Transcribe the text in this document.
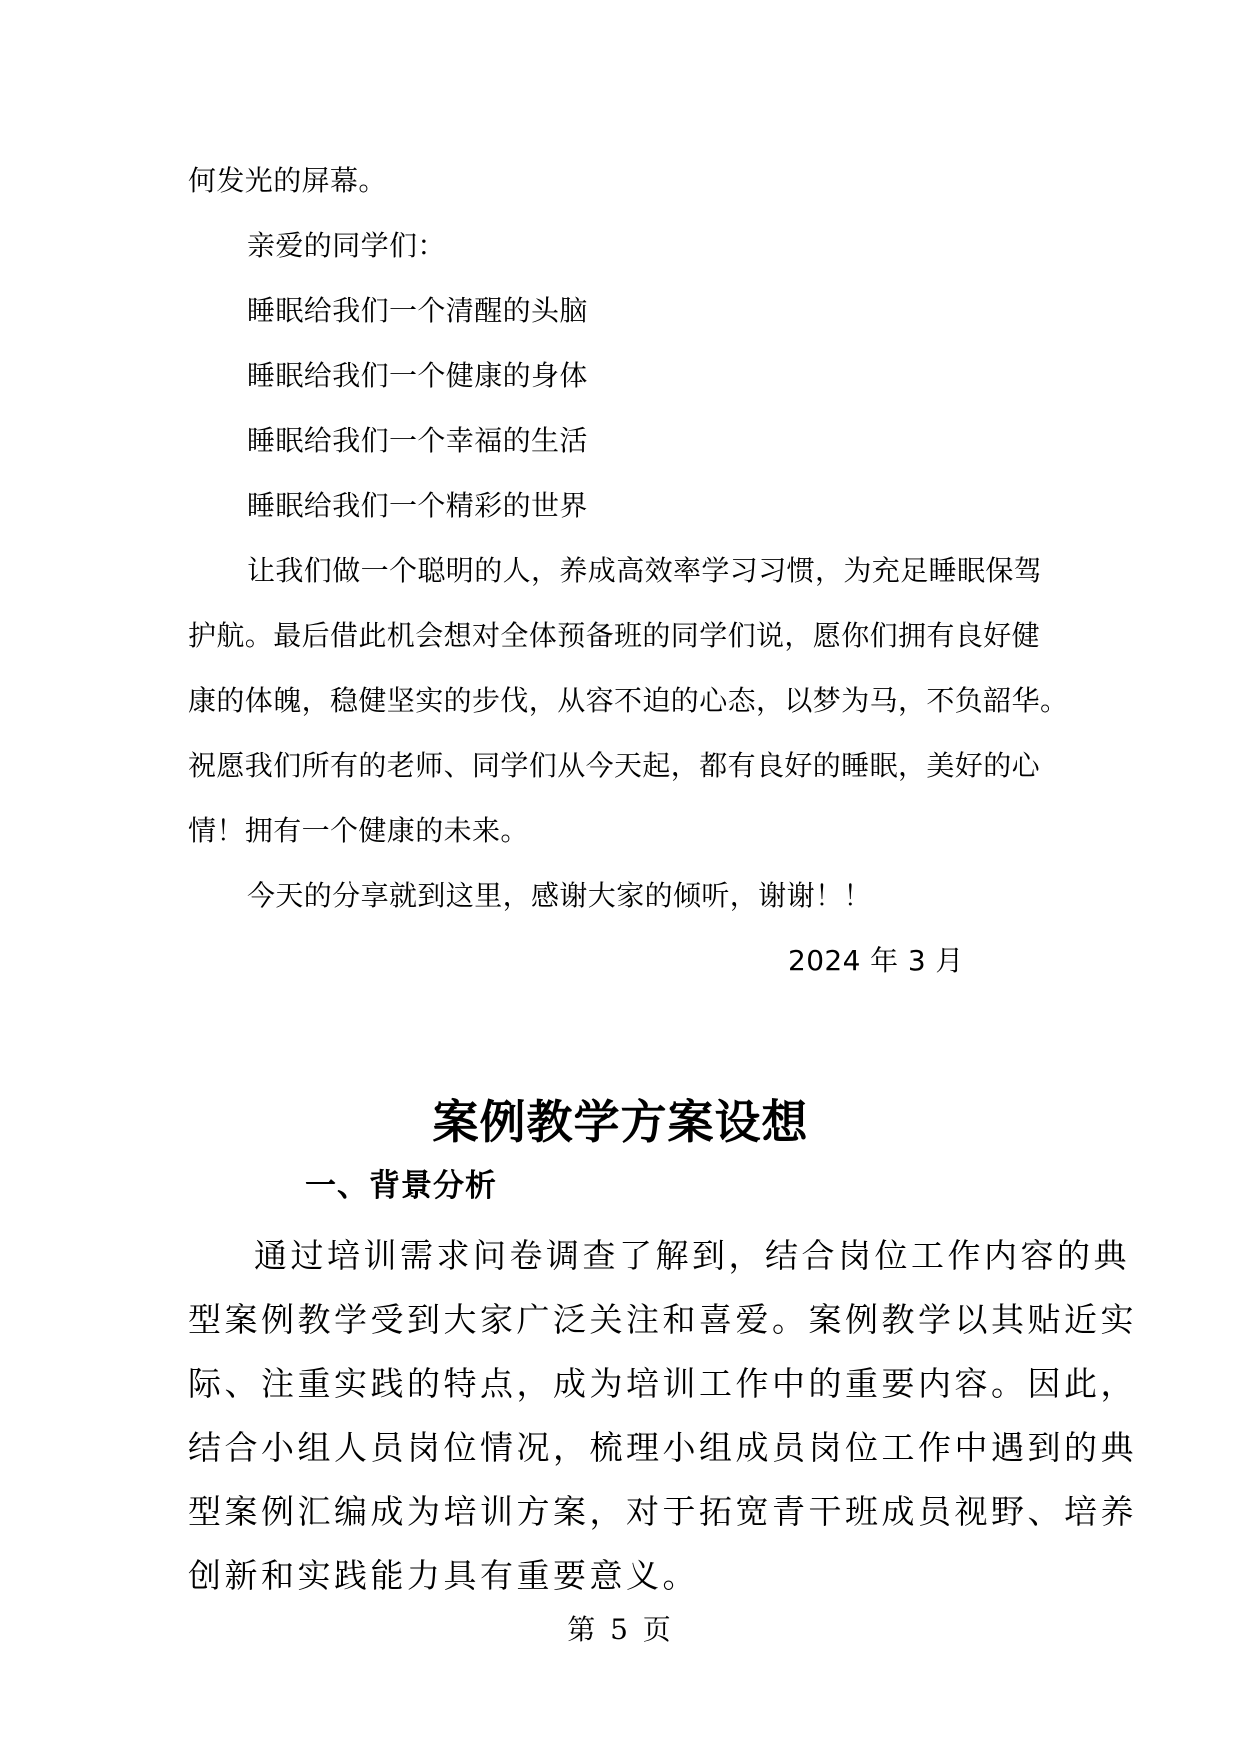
何发光的屏幕。
亲爱的同学们：
睡眠给我们一个清醒的头脑
睡眠给我们一个健康的身体
睡眠给我们一个幸福的生活
睡眠给我们一个精彩的世界
让我们做一个聪明的人，养成高效率学习习惯，为充足睡眠保驾
护航。最后借此机会想对全体预备班的同学们说，愿你们拥有良好健
康的体魄，稳健坚实的步伐，从容不迫的心态，以梦为马，不负韶华。
祝愿我们所有的老师、同学们从今天起，都有良好的睡眠，美好的心
情！拥有一个健康的未来。
今天的分享就到这里，感谢大家的倾听，谢谢！！
2024 年 3 月
案例教学方案设想
一、背景分析
通过培训需求问卷调查了解到，结合岗位工作内容的典
型案例教学受到大家广泛关注和喜爱。案例教学以其贴近实
际、注重实践的特点，成为培训工作中的重要内容。因此，
结合小组人员岗位情况，梳理小组成员岗位工作中遇到的典
型案例汇编成为培训方案，对于拓宽青干班成员视野、培养
创新和实践能力具有重要意义。
第 5 页
